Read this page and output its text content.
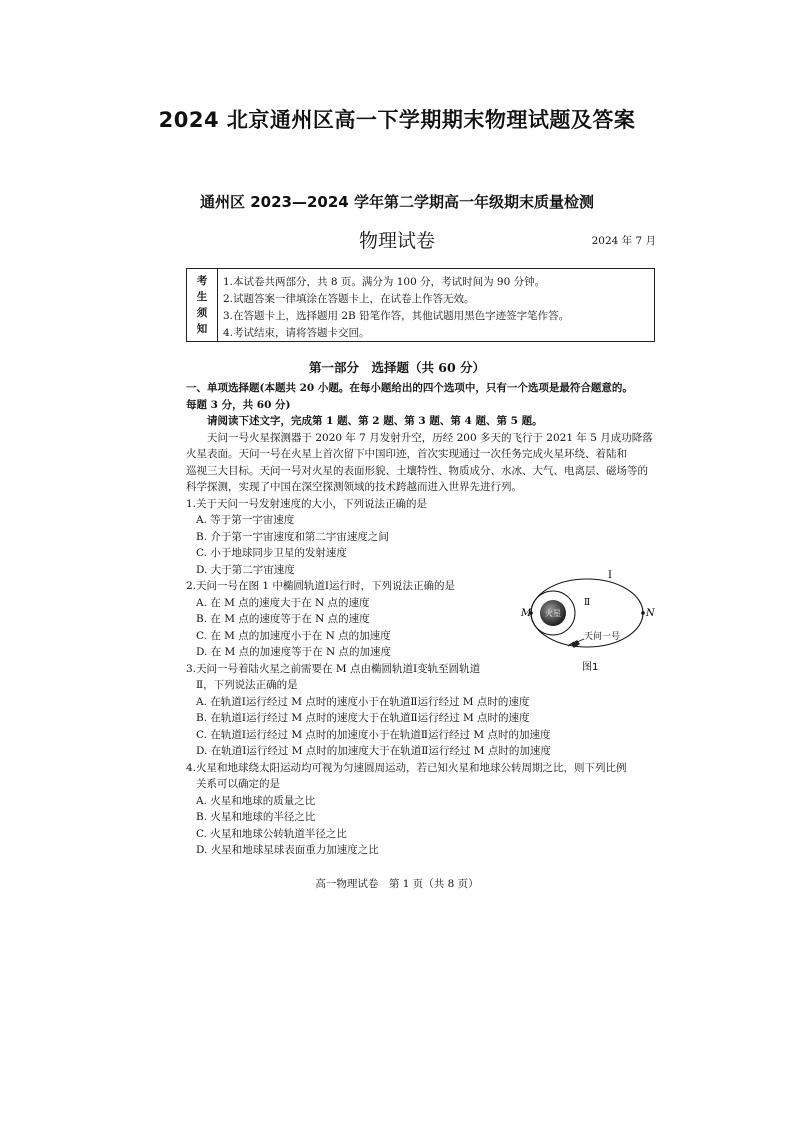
2024 北京通州区高一下学期期末物理试题及答案
通州区 2023—2024 学年第二学期高一年级期末质量检测
物理试卷	2024 年 7 月
考
生
须
知
1.本试卷共两部分，共 8 页。满分为 100 分，考试时间为 90 分钟。
2.试题答案一律填涂在答题卡上，在试卷上作答无效。
3.在答题卡上，选择题用 2B 铅笔作答，其他试题用黑色字迹签字笔作答。
4.考试结束，请将答题卡交回。
第一部分　选择题（共 60 分）
一、单项选择题(本题共 20 小题。在每小题给出的四个选项中，只有一个选项是最符合题意的。
每题 3 分，共 60 分)
请阅读下述文字，完成第 1 题、第 2 题、第 3 题、第 4 题、第 5 题。
天问一号火星探测器于 2020 年 7 月发射升空，历经 200 多天的飞行于 2021 年 5 月成功降落
火星表面。天问一号在火星上首次留下中国印迹，首次实现通过一次任务完成火星环绕、着陆和
巡视三大目标。天问一号对火星的表面形貌、土壤特性、物质成分、水冰、大气、电离层、磁场等的
科学探测，实现了中国在深空探测领域的技术跨越而进入世界先进行列。
1.关于天问一号发射速度的大小，下列说法正确的是
A. 等于第一宇宙速度
B. 介于第一宇宙速度和第二宇宙速度之间
C. 小于地球同步卫星的发射速度
D. 大于第二宇宙速度
2.天问一号在图 1 中椭圆轨道Ⅰ运行时，下列说法正确的是
A. 在 M 点的速度大于在 N 点的速度
B. 在 M 点的速度等于在 N 点的速度
C. 在 M 点的加速度小于在 N 点的加速度
D. 在 M 点的加速度等于在 N 点的加速度
3.天问一号着陆火星之前需要在 M 点由椭圆轨道Ⅰ变轨至圆轨道
Ⅱ，下列说法正确的是
A. 在轨道Ⅰ运行经过 M 点时的速度小于在轨道Ⅱ运行经过 M 点时的速度
B. 在轨道Ⅰ运行经过 M 点时的速度大于在轨道Ⅱ运行经过 M 点时的速度
C. 在轨道Ⅰ运行经过 M 点时的加速度小于在轨道Ⅱ运行经过 M 点时的加速度
D. 在轨道Ⅰ运行经过 M 点时的加速度大于在轨道Ⅱ运行经过 M 点时的加速度
4.火星和地球绕太阳运动均可视为匀速圆周运动，若已知火星和地球公转周期之比，则下列比例
关系可以确定的是
A. 火星和地球的质量之比
B. 火星和地球的半径之比
C. 火星和地球公转轨道半径之比
D. 火星和地球星球表面重力加速度之比
火星
M	N
Ⅰ
Ⅱ
天问一号
图1
高一物理试卷　第 1 页（共 8 页）
